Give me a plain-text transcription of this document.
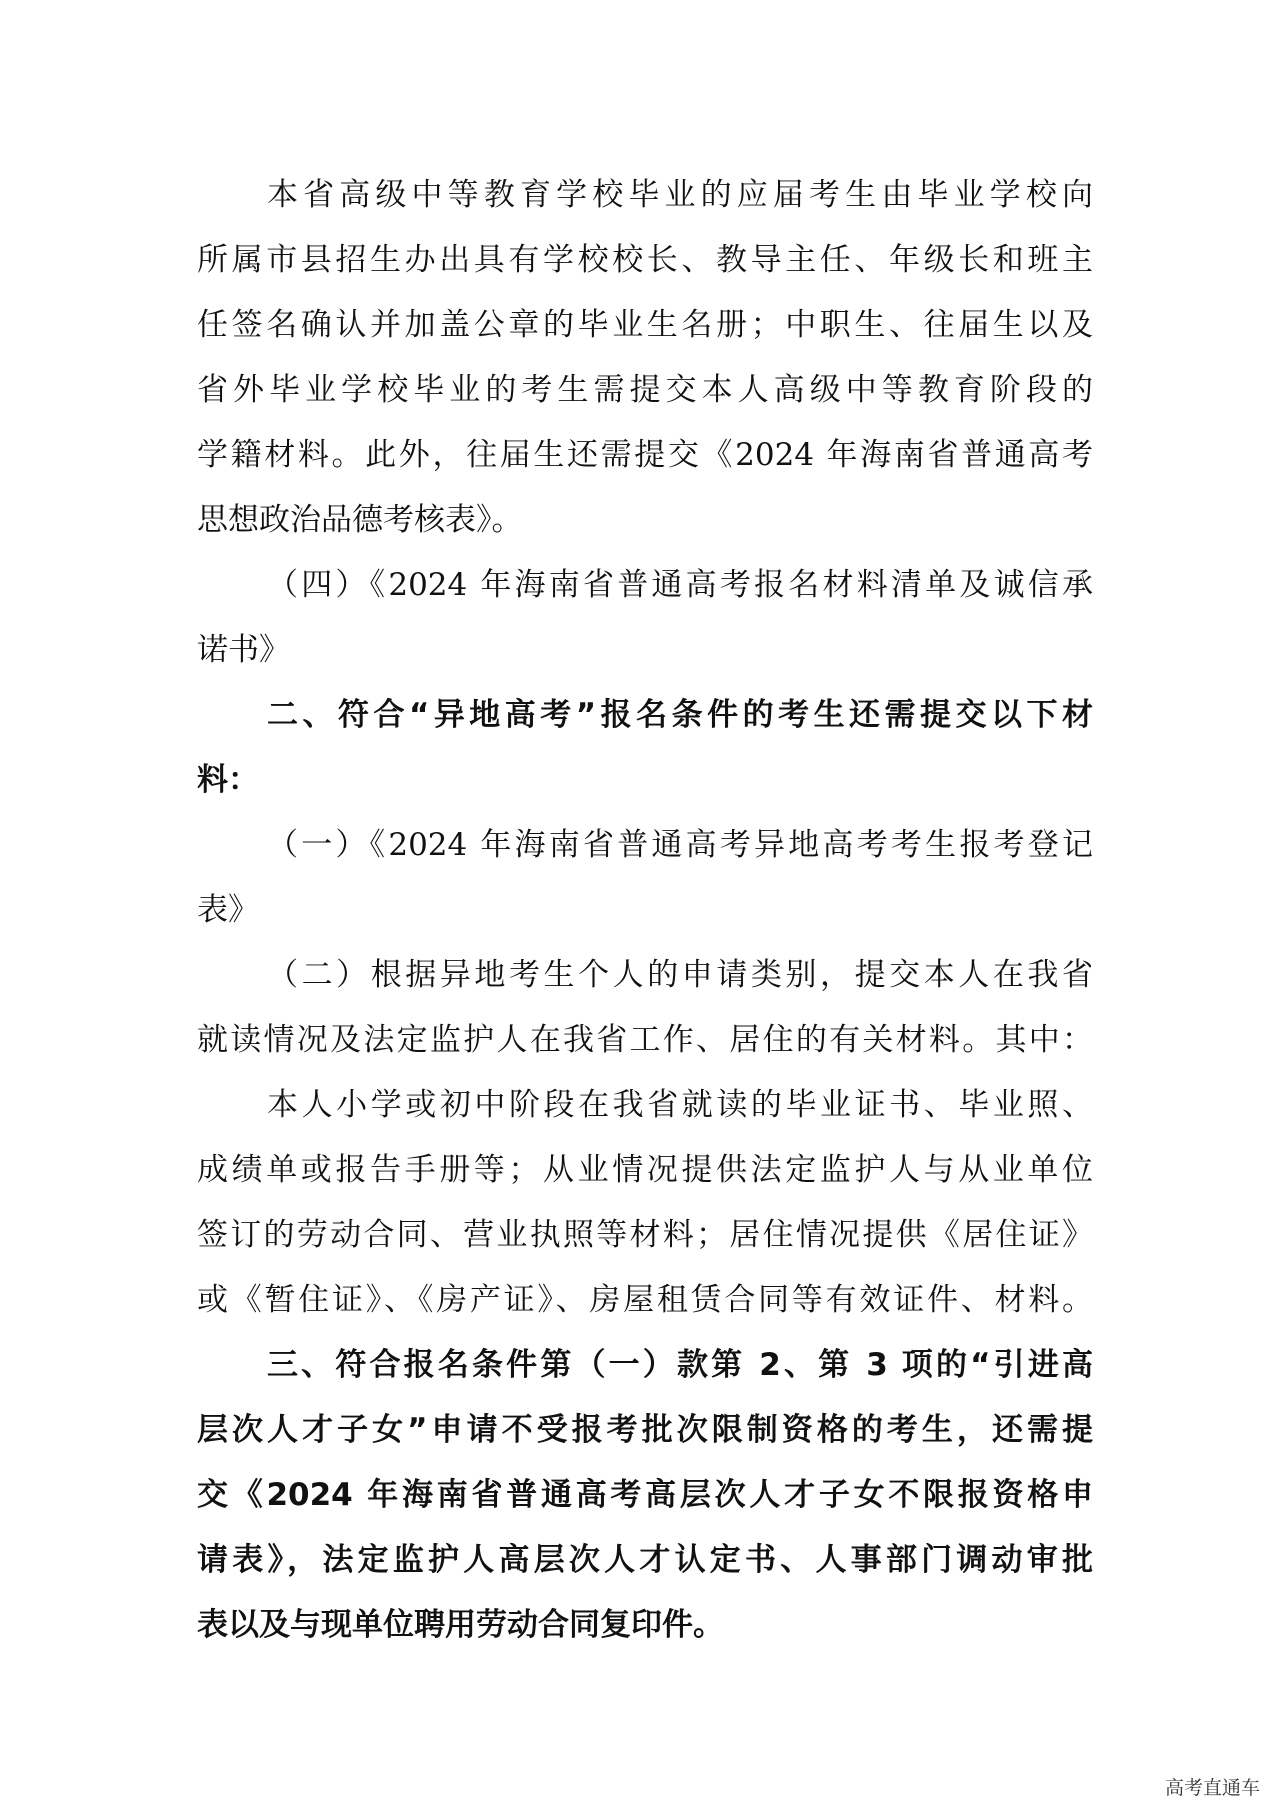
本省高级中等教育学校毕业的应届考生由毕业学校向
所属市县招生办出具有学校校长、教导主任、年级长和班主
任签名确认并加盖公章的毕业生名册；中职生、往届生以及
省外毕业学校毕业的考生需提交本人高级中等教育阶段的
学籍材料。此外，往届生还需提交《2024 年海南省普通高考
思想政治品德考核表》。
（四）《2024 年海南省普通高考报名材料清单及诚信承
诺书》
二、符合“异地高考”报名条件的考生还需提交以下材
料：
（一）《2024 年海南省普通高考异地高考考生报考登记
表》
（二）根据异地考生个人的申请类别，提交本人在我省
就读情况及法定监护人在我省工作、居住的有关材料。其中：
本人小学或初中阶段在我省就读的毕业证书、毕业照、
成绩单或报告手册等；从业情况提供法定监护人与从业单位
签订的劳动合同、营业执照等材料；居住情况提供《居住证》
或《暂住证》、《房产证》、房屋租赁合同等有效证件、材料。
三、符合报名条件第（一）款第 2、第 3 项的“引进高
层次人才子女”申请不受报考批次限制资格的考生，还需提
交《2024 年海南省普通高考高层次人才子女不限报资格申
请表》，法定监护人高层次人才认定书、人事部门调动审批
表以及与现单位聘用劳动合同复印件。
高考直通车
